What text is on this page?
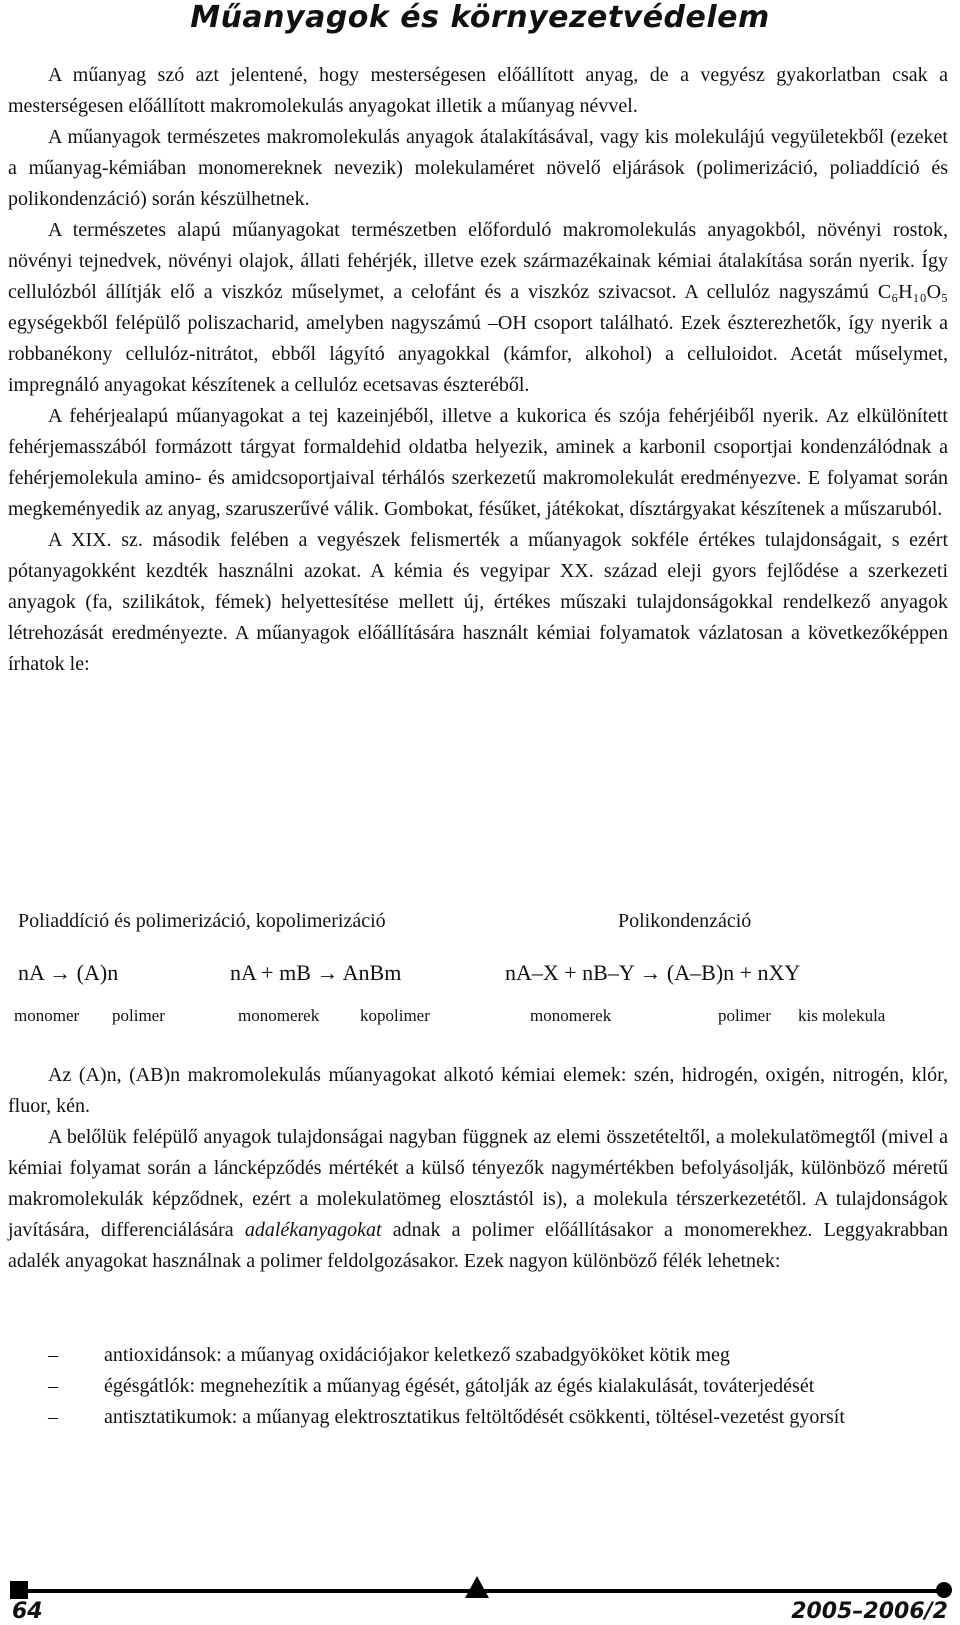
Műanyagok és környezetvédelem

A műanyag szó azt jelentené, hogy mesterségesen előállított anyag, de a vegyész gyakorlatban csak a mesterségesen előállított makromolekulás anyagokat illetik a műanyag névvel.

A műanyagok természetes makromolekulás anyagok átalakításával, vagy kis molekulájú vegyületekből (ezeket a műanyag-kémiában monomereknek nevezik) molekulaméret növelő eljárások (polimerizáció, poliaddíció és polikondenzáció) során készülhetnek.

A természetes alapú műanyagokat természetben előforduló makromolekulás anyagokból, növényi rostok, növényi tejnedvek, növényi olajok, állati fehérjék, illetve ezek származékainak kémiai átalakítása során nyerik. Így cellulózból állítják elő a viszkóz műselymet, a celofánt és a viszkóz szivacsot. A cellulóz nagyszámú C₆H₁₀O₅ egységekből felépülő poliszacharid, amelyben nagyszámú –OH csoport található. Ezek észterezhetők, így nyerik a robbanékony cellulóz-nitrátot, ebből lágyító anyagokkal (kámfor, alkohol) a celluloidot. Acetát műselymet, impregnáló anyagokat készítenek a cellulóz ecetsavas észteréből.

A fehérjealapú műanyagokat a tej kazeinjéből, illetve a kukorica és szója fehérjéiből nyerik. Az elkülönített fehérjemasszából formázott tárgyat formaldehid oldatba helyezik, aminek a karbonil csoportjai kondenzálódnak a fehérjemolekula amino- és amidcsoportjaival térhálós szerkezetű makromolekulát eredményezve. E folyamat során megkeményedik az anyag, szaruszerűvé válik. Gombokat, fésűket, játékokat, dísztárgyakat készítenek a műszaruból.

A XIX. sz. második felében a vegyészek felismerték a műanyagok sokféle értékes tulajdonságait, s ezért pótanyagokként kezdték használni azokat. A kémia és vegyipar XX. század eleji gyors fejlődése a szerkezeti anyagok (fa, szilikátok, fémek) helyettesítése mellett új, értékes műszaki tulajdonságokkal rendelkező anyagok létrehozását eredményezte. A műanyagok előállítására használt kémiai folyamatok vázlatosan a következőképpen írhatok le:

Poliaddíció és polimerizáció, kopolimerizáció	Polikondenzáció
nA → (A)n	nA + mB → AnBm	nA–X + nB–Y → (A–B)n + nXY
monomer polimer	monomerek kopolimer	monomerek	polimer kis molekula

Az (A)n, (AB)n makromolekulás műanyagokat alkotó kémiai elemek: szén, hidrogén, oxigén, nitrogén, klór, fluor, kén.

A belőlük felépülő anyagok tulajdonságai nagyban függnek az elemi összetételtől, a molekulatömegtől (mivel a kémiai folyamat során a láncképződés mértékét a külső tényezők nagymértékben befolyásolják, különböző méretű makromolekulák képződnek, ezért a molekulatömeg elosztástól is), a molekula térszerkezetétől. A tulajdonságok javítására, differenciálására adalékanyagokat adnak a polimer előállításakor a monomerekhez. Leggyakrabban adalék anyagokat használnak a polimer feldolgozásakor. Ezek nagyon különböző félék lehetnek:

– antioxidánsok: a műanyag oxidációjakor keletkező szabadgyököket kötik meg
– égésgátlók: megnehezítik a műanyag égését, gátolják az égés kialakulását, továterjedését
– antisztatikumok: a műanyag elektrosztatikus feltöltődését csökkenti, töltésel-vezetést gyorsít
64	2005–2006/2
